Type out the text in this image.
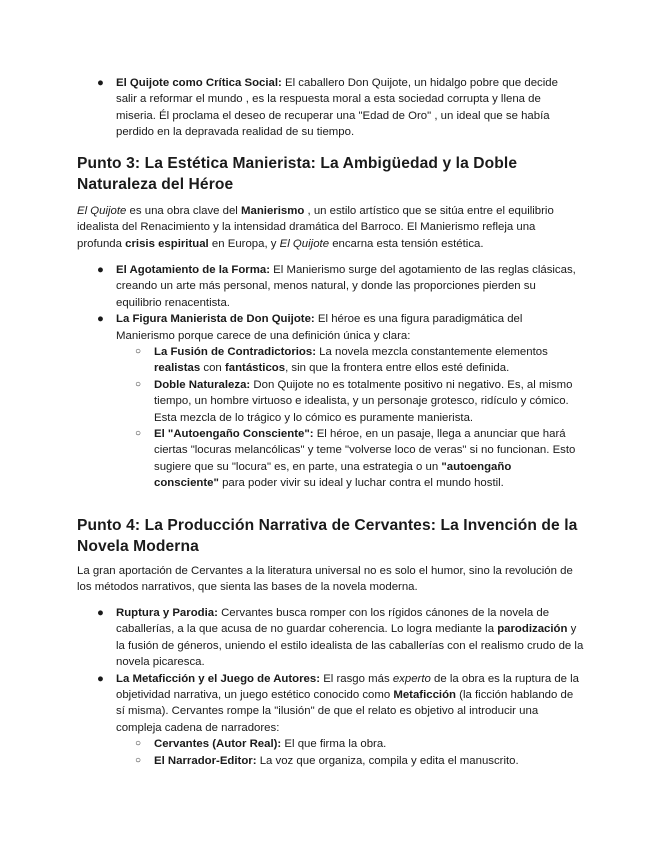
● El Quijote como Crítica Social: El caballero Don Quijote, un hidalgo pobre que decide salir a reformar el mundo , es la respuesta moral a esta sociedad corrupta y llena de miseria. Él proclama el deseo de recuperar una "Edad de Oro" , un ideal que se había perdido en la depravada realidad de su tiempo.

Punto 3: La Estética Manierista: La Ambigüedad y la Doble Naturaleza del Héroe

El Quijote es una obra clave del Manierismo , un estilo artístico que se sitúa entre el equilibrio idealista del Renacimiento y la intensidad dramática del Barroco. El Manierismo refleja una profunda crisis espiritual en Europa, y El Quijote encarna esta tensión estética.

● El Agotamiento de la Forma: El Manierismo surge del agotamiento de las reglas clásicas, creando un arte más personal, menos natural, y donde las proporciones pierden su equilibrio renacentista.
● La Figura Manierista de Don Quijote: El héroe es una figura paradigmática del Manierismo porque carece de una definición única y clara:
○ La Fusión de Contradictorios: La novela mezcla constantemente elementos realistas con fantásticos, sin que la frontera entre ellos esté definida.
○ Doble Naturaleza: Don Quijote no es totalmente positivo ni negativo. Es, al mismo tiempo, un hombre virtuoso e idealista, y un personaje grotesco, ridículo y cómico. Esta mezcla de lo trágico y lo cómico es puramente manierista.
○ El "Autoengaño Consciente": El héroe, en un pasaje, llega a anunciar que hará ciertas "locuras melancólicas" y teme "volverse loco de veras" si no funcionan. Esto sugiere que su "locura" es, en parte, una estrategia o un "autoengaño consciente" para poder vivir su ideal y luchar contra el mundo hostil.

Punto 4: La Producción Narrativa de Cervantes: La Invención de la Novela Moderna

La gran aportación de Cervantes a la literatura universal no es solo el humor, sino la revolución de los métodos narrativos, que sienta las bases de la novela moderna.

● Ruptura y Parodia: Cervantes busca romper con los rígidos cánones de la novela de caballerías, a la que acusa de no guardar coherencia. Lo logra mediante la parodización y la fusión de géneros, uniendo el estilo idealista de las caballerías con el realismo crudo de la novela picaresca.
● La Metaficción y el Juego de Autores: El rasgo más experto de la obra es la ruptura de la objetividad narrativa, un juego estético conocido como Metaficción (la ficción hablando de sí misma). Cervantes rompe la "ilusión" de que el relato es objetivo al introducir una compleja cadena de narradores:
○ Cervantes (Autor Real): El que firma la obra.
○ El Narrador-Editor: La voz que organiza, compila y edita el manuscrito.
